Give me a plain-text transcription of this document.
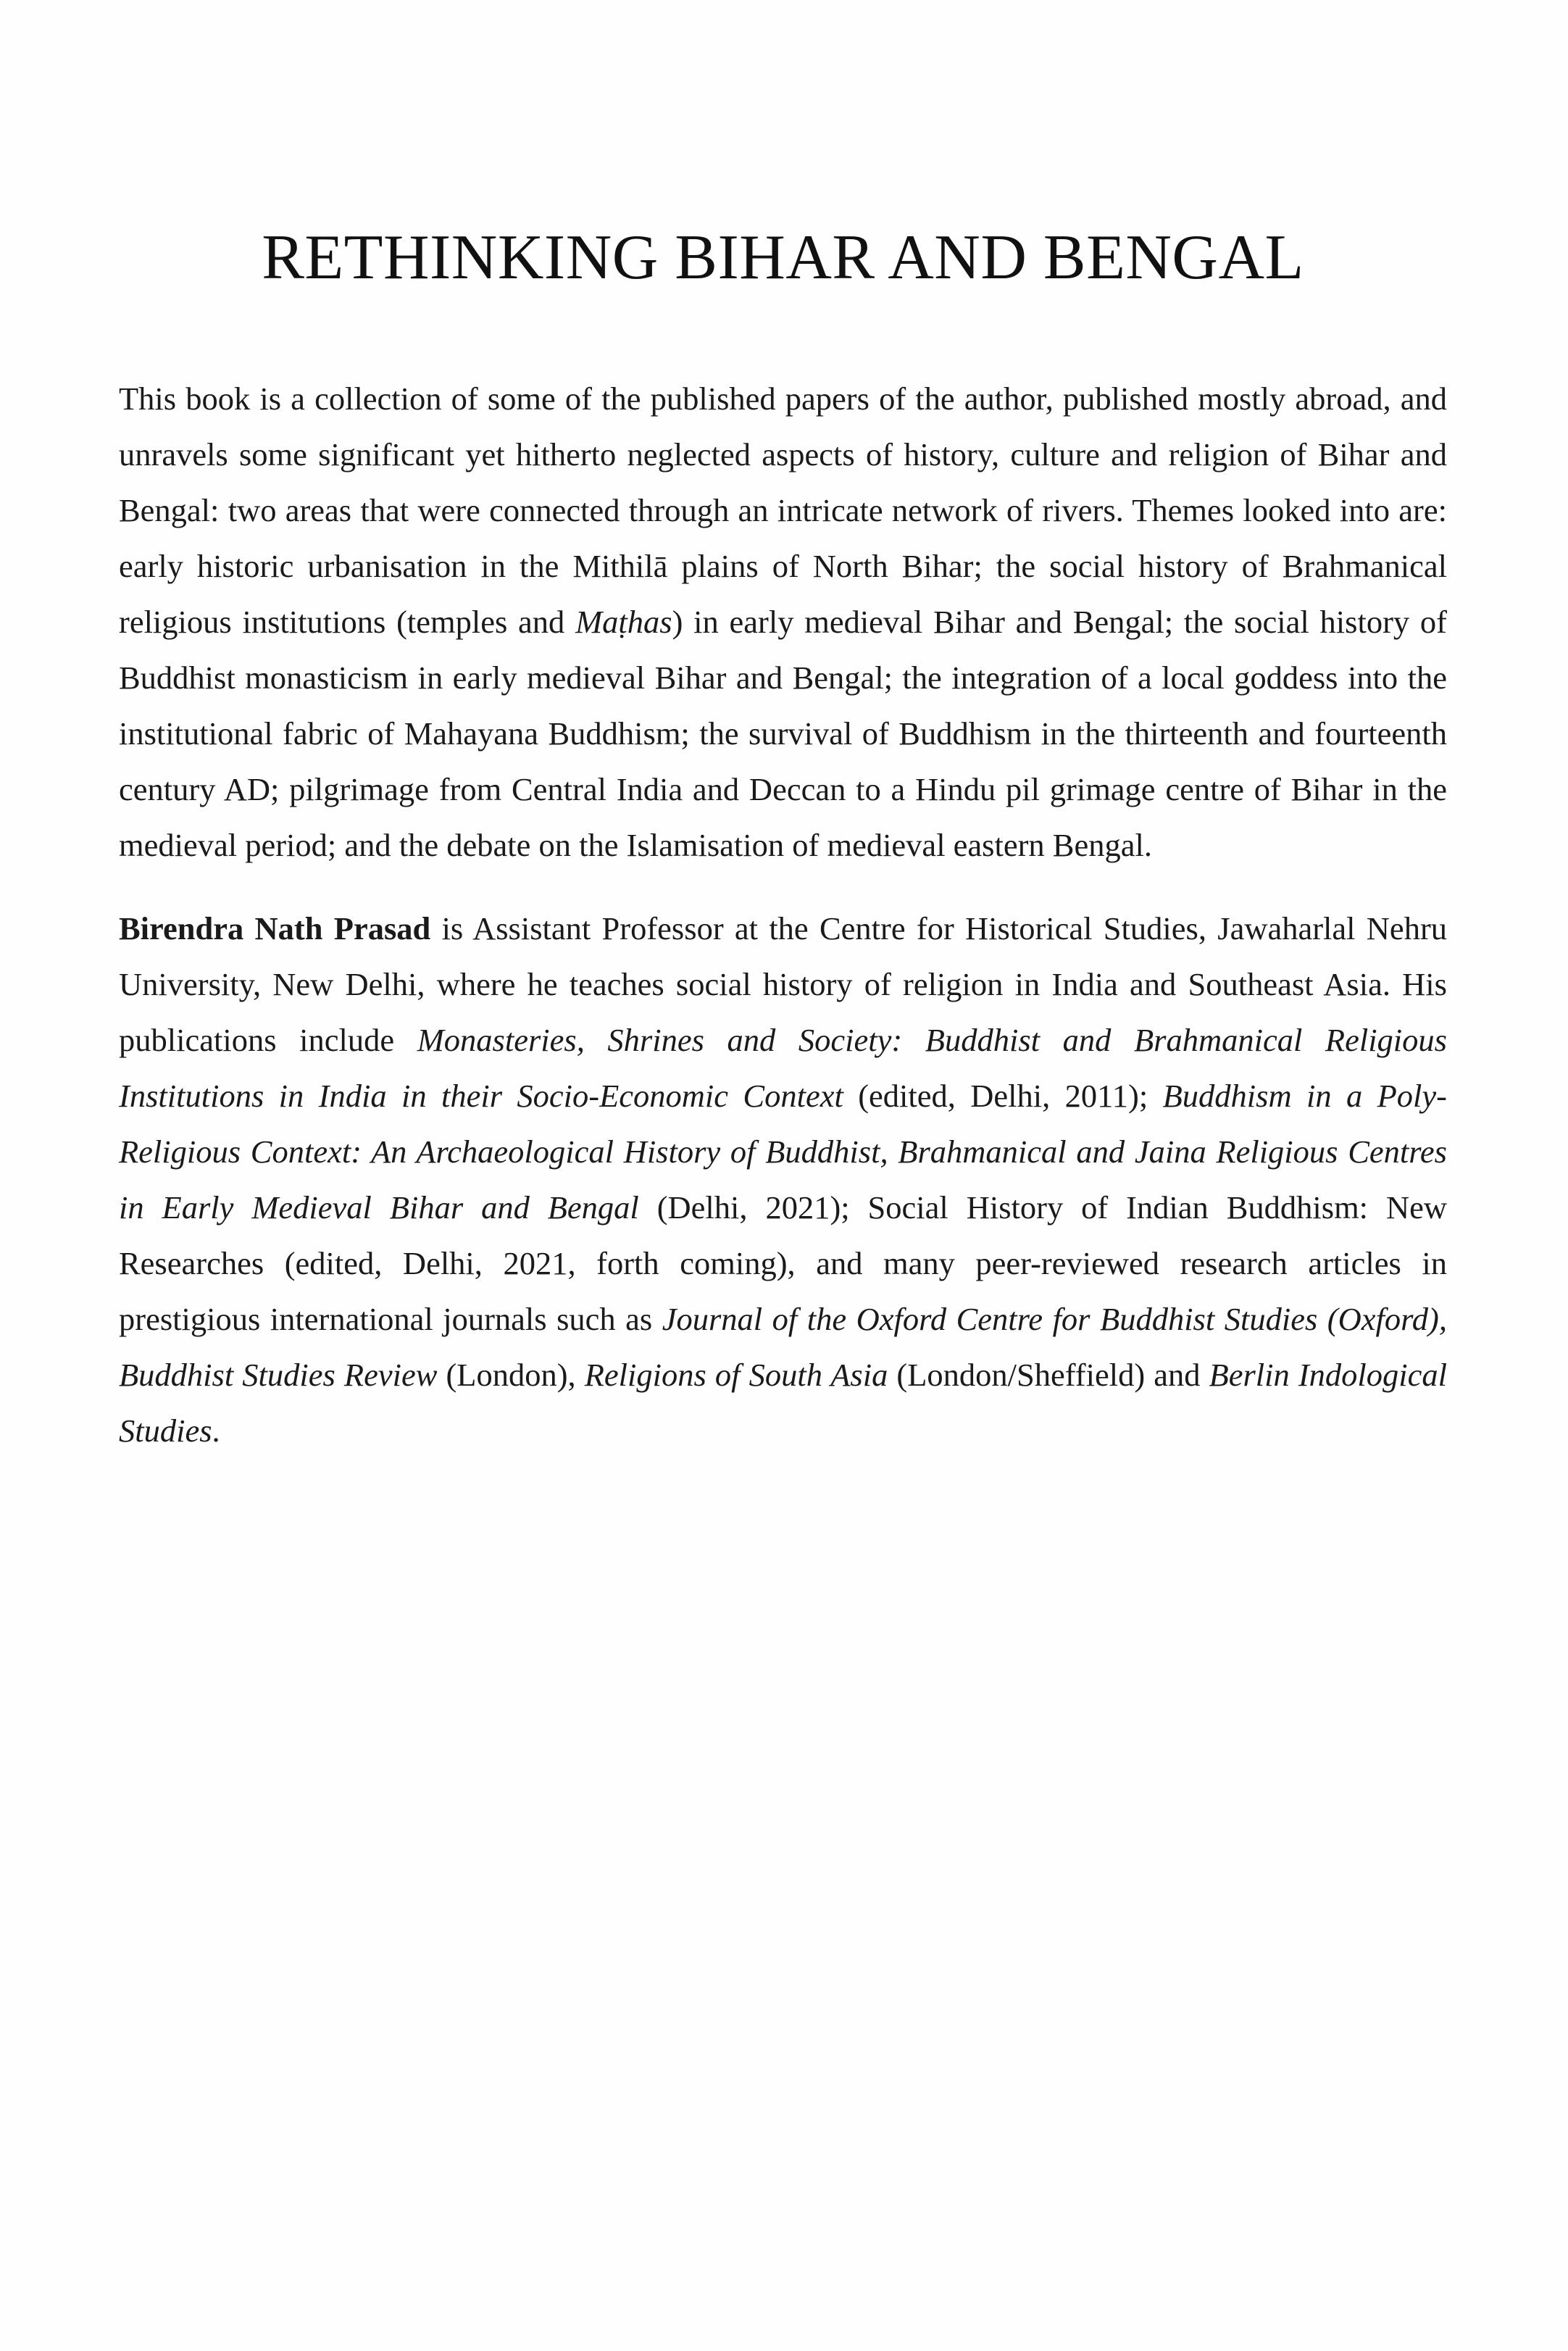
RETHINKING BIHAR AND BENGAL

This book is a collection of some of the published papers of the author, published mostly abroad, and unravels some significant yet hitherto neglected aspects of history, culture and religion of Bihar and Bengal: two areas that were connected through an intricate network of rivers. Themes looked into are: early historic urbanisation in the Mithilā plains of North Bihar; the social history of Brahmanical religious institutions (temples and Maṭhas) in early medieval Bihar and Bengal; the social history of Buddhist monasticism in early medieval Bihar and Bengal; the integration of a local goddess into the institutional fabric of Mahayana Buddhism; the survival of Buddhism in the thirteenth and fourteenth century AD; pilgrimage from Central India and Deccan to a Hindu pil grimage centre of Bihar in the medieval period; and the debate on the Islamisation of medieval eastern Bengal.

Birendra Nath Prasad is Assistant Professor at the Centre for Historical Studies, Jawaharlal Nehru University, New Delhi, where he teaches social history of religion in India and Southeast Asia. His publications include Monasteries, Shrines and Society: Buddhist and Brahmanical Religious Institutions in India in their Socio-Economic Context (edited, Delhi, 2011); Buddhism in a Poly-Religious Context: An Archaeological History of Buddhist, Brahmanical and Jaina Religious Centres in Early Medieval Bihar and Bengal (Delhi, 2021); Social History of Indian Buddhism: New Researches (edited, Delhi, 2021, forth coming), and many peer-reviewed research articles in prestigious international journals such as Journal of the Oxford Centre for Buddhist Studies (Oxford), Buddhist Studies Review (London), Religions of South Asia (London/Sheffield) and Berlin Indological Studies.
